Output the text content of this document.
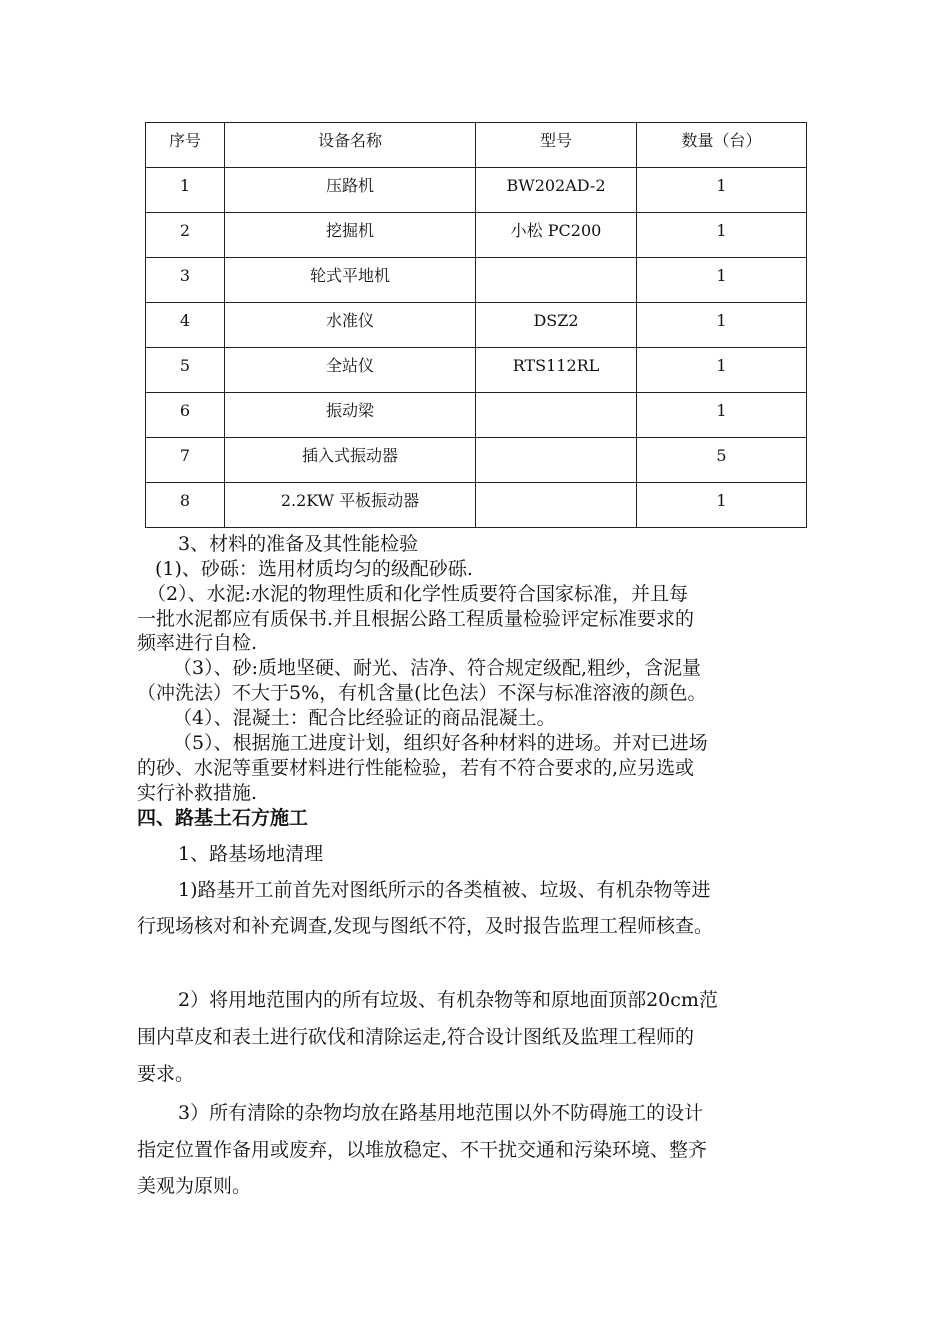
序号	设备名称	型号	数量（台）
1	压路机	BW202AD-2	1
2	挖掘机	小松 PC200	1
3	轮式平地机		1
4	水准仪	DSZ2	1
5	全站仪	RTS112RL	1
6	振动梁		1
7	插入式振动器		5
8	2.2KW 平板振动器		1
3、材料的准备及其性能检验
(1)、砂砾：选用材质均匀的级配砂砾.
（2）、水泥:水泥的物理性质和化学性质要符合国家标准，并且每
一批水泥都应有质保书.并且根据公路工程质量检验评定标准要求的
频率进行自检.
（3）、砂:质地坚硬、耐光、洁净、符合规定级配,粗纱，含泥量
（冲洗法）不大于5%，有机含量(比色法）不深与标准溶液的颜色。
（4）、混凝土：配合比经验证的商品混凝土。
（5）、根据施工进度计划，组织好各种材料的进场。并对已进场
的砂、水泥等重要材料进行性能检验，若有不符合要求的,应另选或
实行补救措施.
四、路基土石方施工
1、路基场地清理
1)路基开工前首先对图纸所示的各类植被、垃圾、有机杂物等进
行现场核对和补充调查,发现与图纸不符，及时报告监理工程师核查。
2）将用地范围内的所有垃圾、有机杂物等和原地面顶部20cm范
围内草皮和表土进行砍伐和清除运走,符合设计图纸及监理工程师的
要求。
3）所有清除的杂物均放在路基用地范围以外不防碍施工的设计
指定位置作备用或废弃，以堆放稳定、不干扰交通和污染环境、整齐
美观为原则。
